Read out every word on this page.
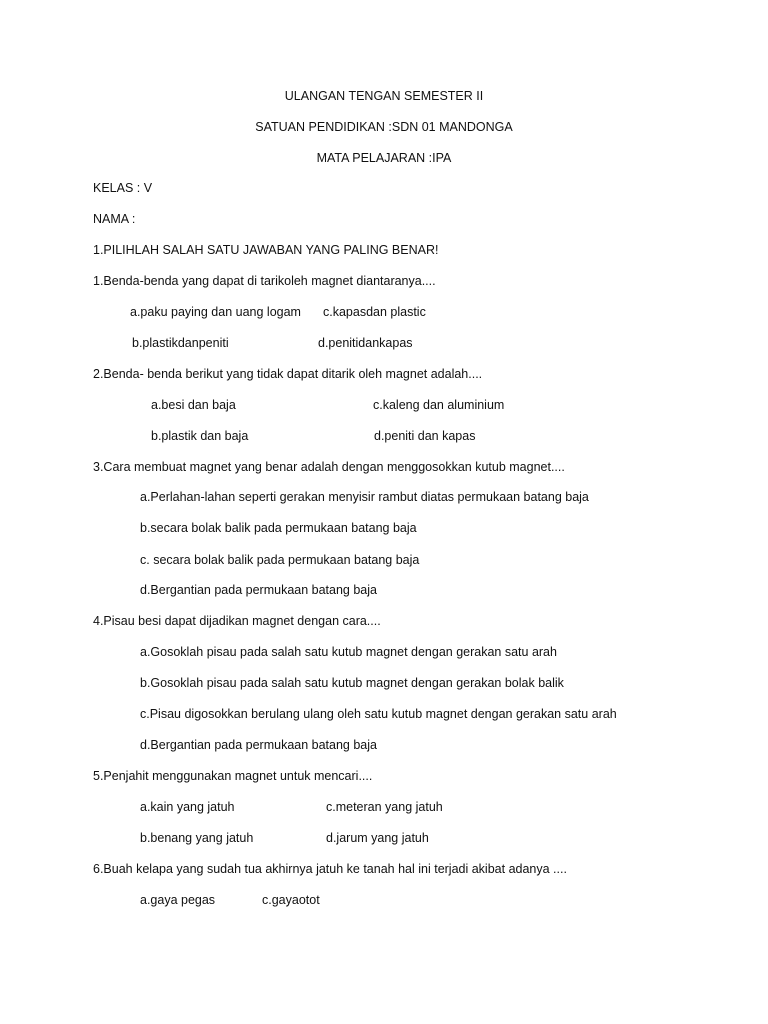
ULANGAN TENGAN SEMESTER II
SATUAN PENDIDIKAN :SDN 01 MANDONGA
MATA PELAJARAN :IPA
KELAS : V
NAMA :
1.PILIHLAH SALAH SATU JAWABAN YANG PALING BENAR!
1.Benda-benda yang dapat di tarikoleh magnet diantaranya....
a.paku paying dan uang logam c.kapasdan plastic
b.plastikdanpeniti	d.penitidankapas
2.Benda- benda berikut yang tidak dapat ditarik oleh magnet adalah....
a.besi dan baja	c.kaleng dan aluminium
b.plastik dan baja	d.peniti dan kapas
3.Cara membuat magnet yang benar adalah dengan menggosokkan kutub magnet....
a.Perlahan-lahan seperti gerakan menyisir rambut diatas permukaan batang baja
b.secara bolak balik pada permukaan batang baja
c. secara bolak balik pada permukaan batang baja
d.Bergantian pada permukaan batang baja
4.Pisau besi dapat dijadikan magnet dengan cara....
a.Gosoklah pisau pada salah satu kutub magnet dengan gerakan satu arah
b.Gosoklah pisau pada salah satu kutub magnet dengan gerakan bolak balik
c.Pisau digosokkan berulang ulang oleh satu kutub magnet dengan gerakan satu arah
d.Bergantian pada permukaan batang baja
5.Penjahit menggunakan magnet untuk mencari....
a.kain yang jatuh	c.meteran yang jatuh
b.benang yang jatuh	d.jarum yang jatuh
6.Buah kelapa yang sudah tua akhirnya jatuh ke tanah hal ini terjadi akibat adanya ....
a.gaya pegas	c.gayaotot
